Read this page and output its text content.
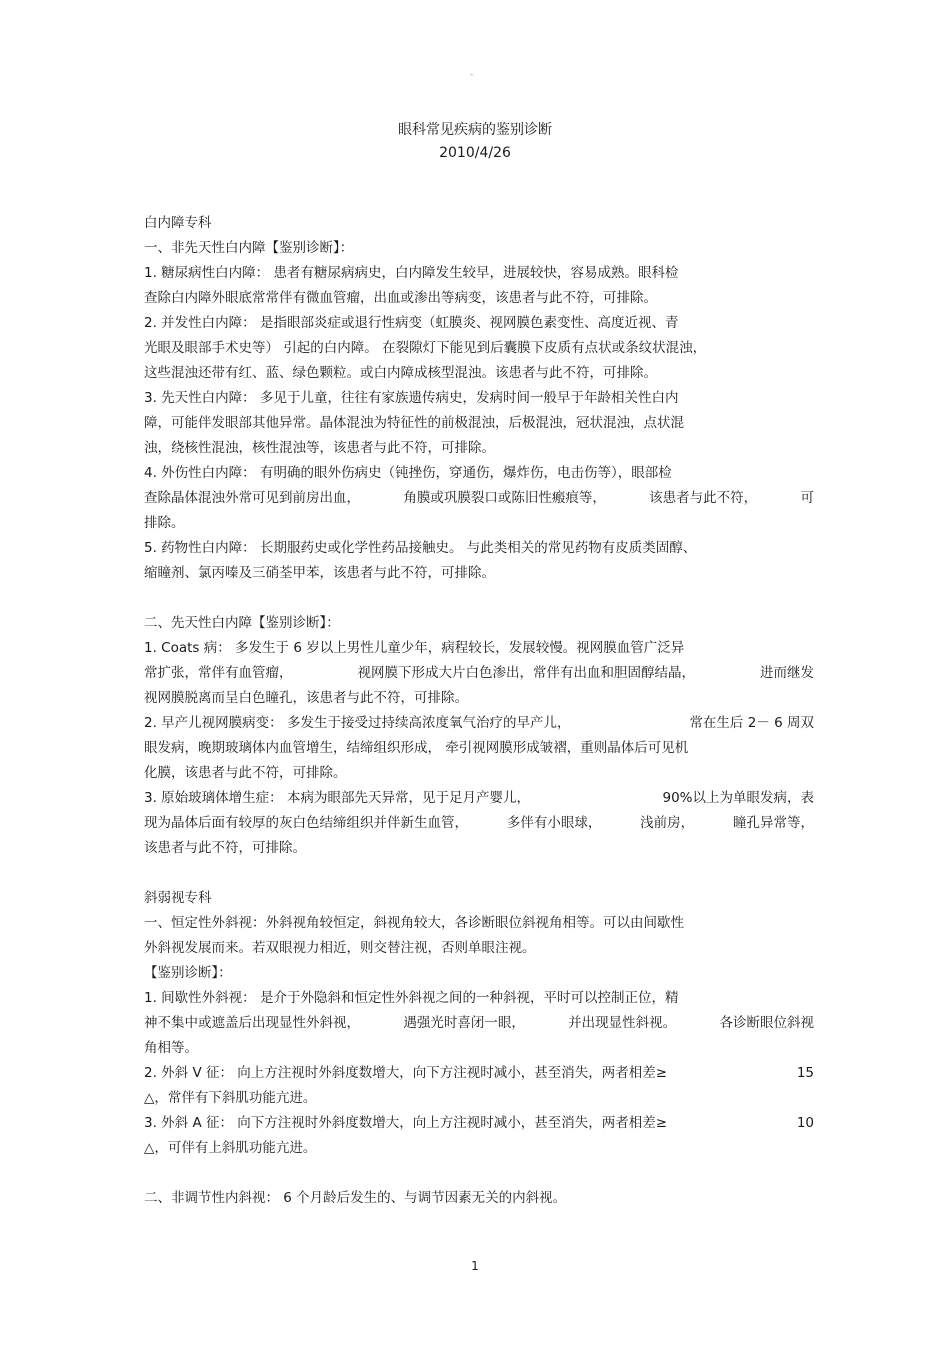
-
眼科常见疾病的鉴别诊断
2010/4/26
白内障专科
一、非先天性白内障【鉴别诊断】：
1. 糖尿病性白内障： 患者有糖尿病病史，白内障发生较早，进展较快，容易成熟。眼科检
查除白内障外眼底常常伴有微血管瘤，出血或渗出等病变，该患者与此不符，可排除。
2. 并发性白内障： 是指眼部炎症或退行性病变（虹膜炎、视网膜色素变性、高度近视、青
光眼及眼部手术史等） 引起的白内障。 在裂隙灯下能见到后囊膜下皮质有点状或条纹状混浊，
这些混浊还带有红、蓝、绿色颗粒。或白内障成核型混浊。该患者与此不符，可排除。
3. 先天性白内障： 多见于儿童，往往有家族遗传病史，发病时间一般早于年龄相关性白内
障，可能伴发眼部其他异常。晶体混浊为特征性的前极混浊，后极混浊，冠状混浊，点状混
浊，绕核性混浊，核性混浊等，该患者与此不符，可排除。
4. 外伤性白内障： 有明确的眼外伤病史（钝挫伤，穿通伤，爆炸伤，电击伤等），眼部检
查除晶体混浊外常可见到前房出血，	角膜或巩膜裂口或陈旧性瘢痕等，	该患者与此不符，	可
排除。
5. 药物性白内障： 长期服药史或化学性药品接触史。 与此类相关的常见药物有皮质类固醇、
缩瞳剂、氯丙嗪及三硝荃甲苯，该患者与此不符，可排除。
二、先天性白内障【鉴别诊断】：
1. Coats 病： 多发生于 6 岁以上男性儿童少年，病程较长，发展较慢。视网膜血管广泛异
常扩张，常伴有血管瘤，	视网膜下形成大片白色渗出，常伴有出血和胆固醇结晶，	进而继发
视网膜脱离而呈白色瞳孔，该患者与此不符，可排除。
2. 早产儿视网膜病变： 多发生于接受过持续高浓度氧气治疗的早产儿，	常在生后 2－ 6 周双
眼发病，晚期玻璃体内血管增生，结缔组织形成， 牵引视网膜形成皱褶，重则晶体后可见机
化膜，该患者与此不符，可排除。
3. 原始玻璃体增生症： 本病为眼部先天异常，见于足月产婴儿，	90%以上为单眼发病，表
现为晶体后面有较厚的灰白色结缔组织并伴新生血管，	多伴有小眼球，	浅前房，	瞳孔异常等，
该患者与此不符，可排除。
斜弱视专科
一、恒定性外斜视：外斜视角较恒定，斜视角较大，各诊断眼位斜视角相等。可以由间歇性
外斜视发展而来。若双眼视力相近，则交替注视，否则单眼注视。
【鉴别诊断】：
1. 间歇性外斜视： 是介于外隐斜和恒定性外斜视之间的一种斜视，平时可以控制正位，精
神不集中或遮盖后出现显性外斜视，	遇强光时喜闭一眼，	并出现显性斜视。	各诊断眼位斜视
角相等。
2. 外斜 V 征： 向上方注视时外斜度数增大，向下方注视时减小，甚至消失，两者相差≥	15
△，常伴有下斜肌功能亢进。
3. 外斜 A 征： 向下方注视时外斜度数增大，向上方注视时减小，甚至消失，两者相差≥	10
△，可伴有上斜肌功能亢进。
二、非调节性内斜视： 6 个月龄后发生的、与调节因素无关的内斜视。
1
